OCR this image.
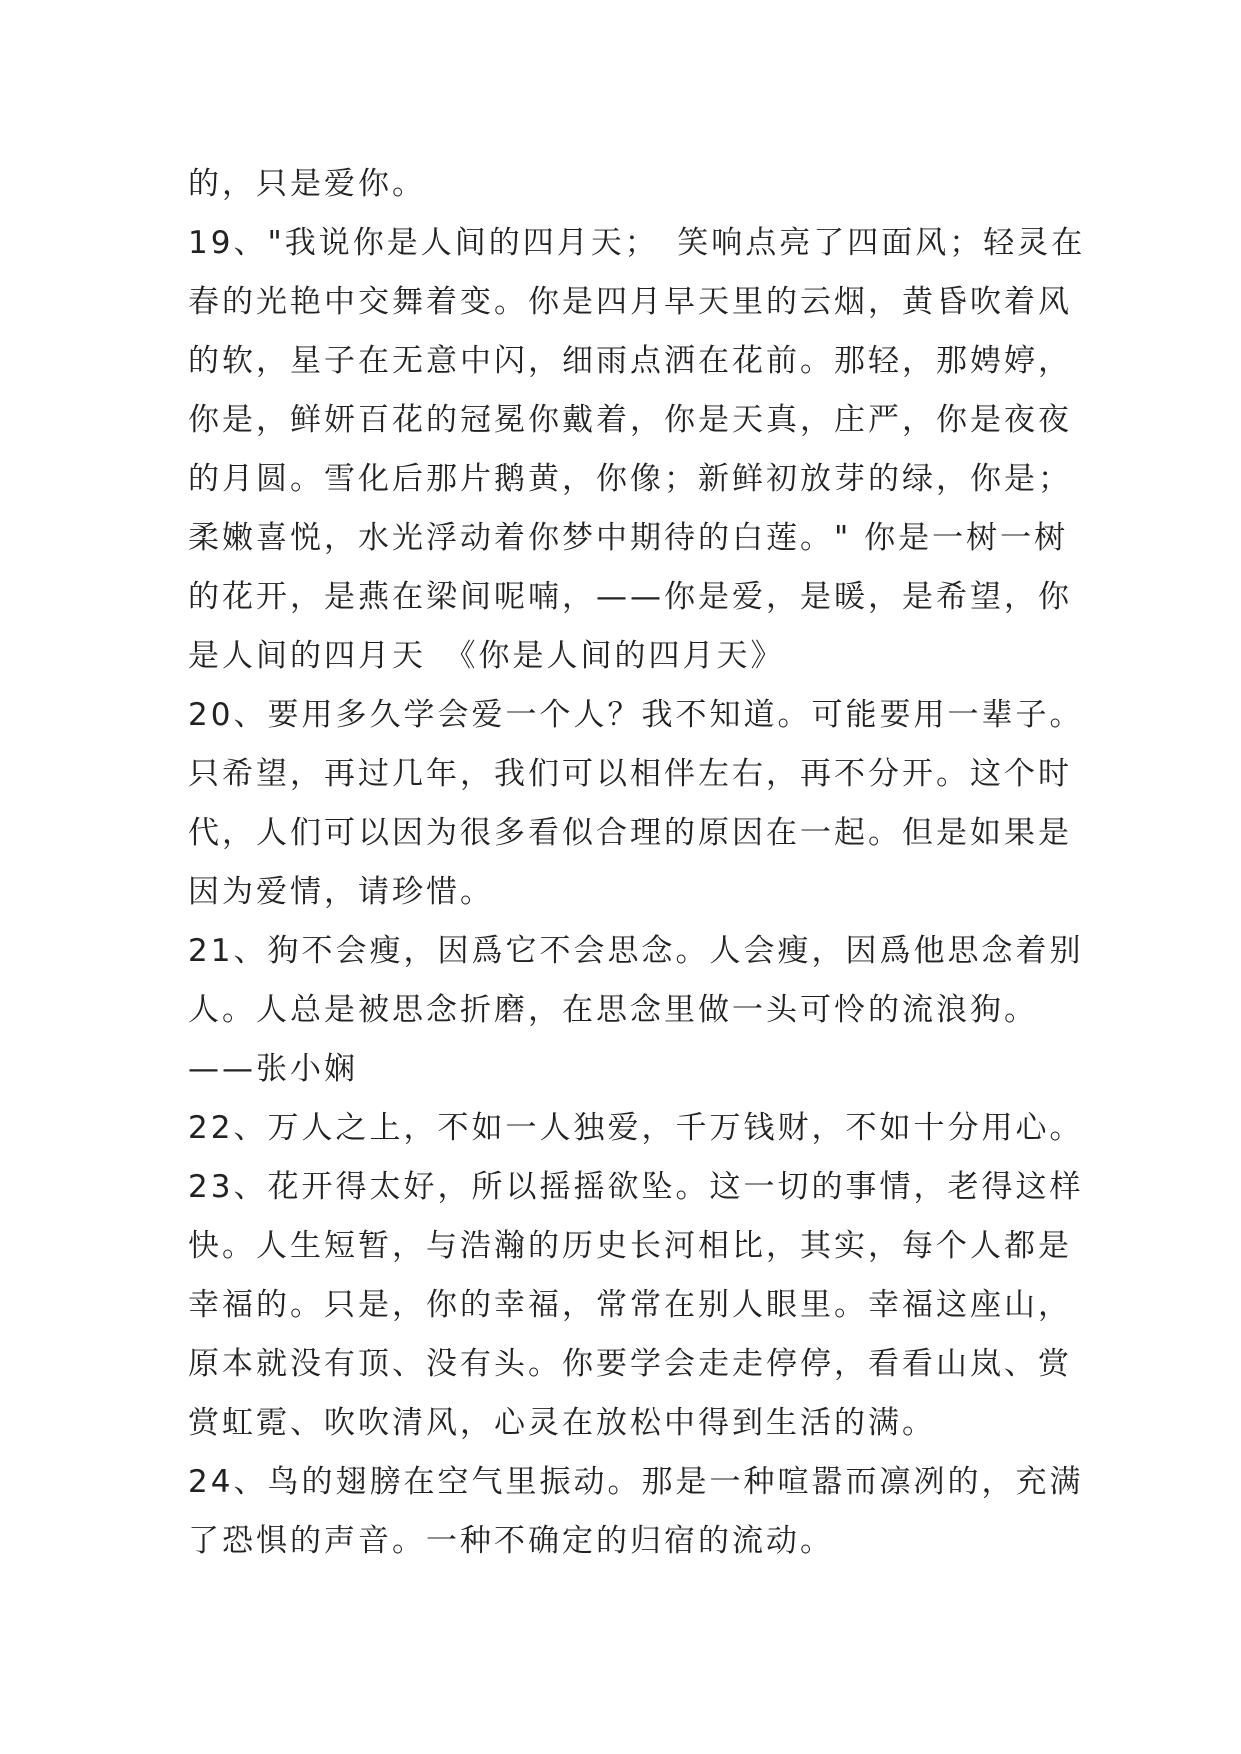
的，只是爱你。
19、"我说你是人间的四月天；　笑响点亮了四面风；轻灵在
春的光艳中交舞着变。你是四月早天里的云烟，黄昏吹着风
的软，星子在无意中闪，细雨点洒在花前。那轻，那娉婷，
你是，鲜妍百花的冠冕你戴着，你是天真，庄严，你是夜夜
的月圆。雪化后那片鹅黄，你像；新鲜初放芽的绿，你是；
柔嫩喜悦，水光浮动着你梦中期待的白莲。" 你是一树一树
的花开，是燕在梁间呢喃，——你是爱，是暖，是希望，你
是人间的四月天　《你是人间的四月天》
20、要用多久学会爱一个人？我不知道。可能要用一辈子。
只希望，再过几年，我们可以相伴左右，再不分开。这个时
代，人们可以因为很多看似合理的原因在一起。但是如果是
因为爱情，请珍惜。
21、狗不会瘦，因爲它不会思念。人会瘦，因爲他思念着别
人。人总是被思念折磨，在思念里做一头可怜的流浪狗。
——张小娴
22、万人之上，不如一人独爱，千万钱财，不如十分用心。
23、花开得太好，所以摇摇欲坠。这一切的事情，老得这样
快。人生短暂，与浩瀚的历史长河相比，其实，每个人都是
幸福的。只是，你的幸福，常常在别人眼里。幸福这座山，
原本就没有顶、没有头。你要学会走走停停，看看山岚、赏
赏虹霓、吹吹清风，心灵在放松中得到生活的满。
24、鸟的翅膀在空气里振动。那是一种喧嚣而凛冽的，充满
了恐惧的声音。一种不确定的归宿的流动。
